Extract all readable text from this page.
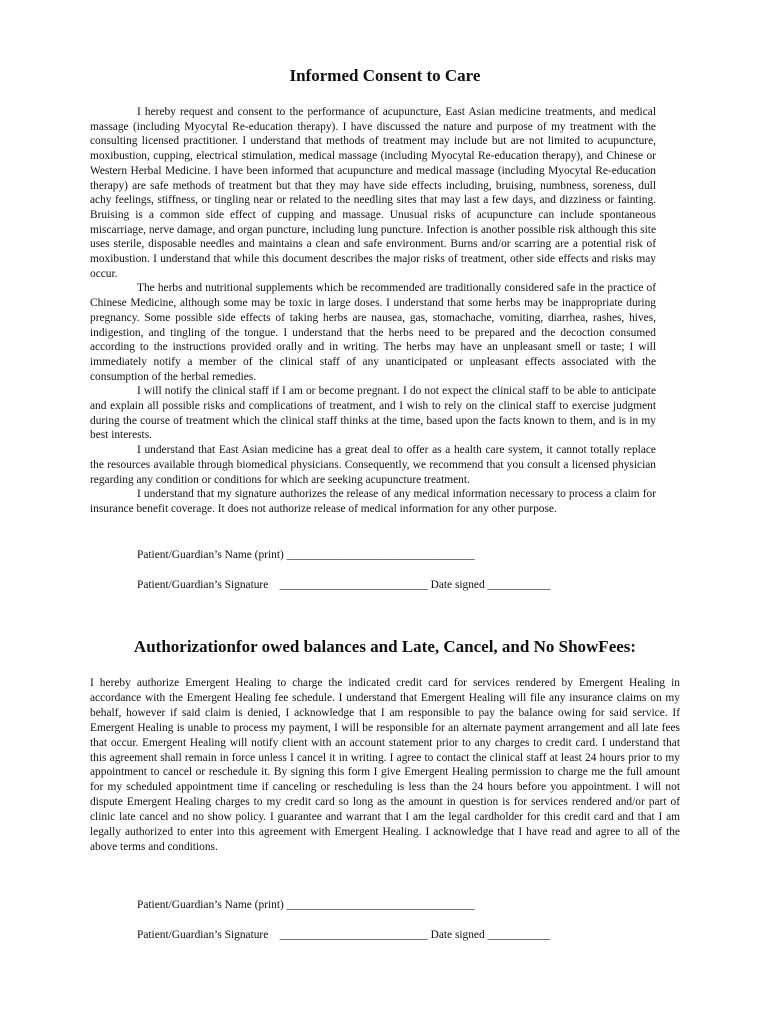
Informed Consent to Care

I hereby request and consent to the performance of acupuncture, East Asian medicine treatments, and medical massage (including Myocytal Re-education therapy). I have discussed the nature and purpose of my treatment with the consulting licensed practitioner. I understand that methods of treatment may include but are not limited to acupuncture, moxibustion, cupping, electrical stimulation, medical massage (including Myocytal Re-education therapy), and Chinese or Western Herbal Medicine. I have been informed that acupuncture and medical massage (including Myocytal Re-education therapy) are safe methods of treatment but that they may have side effects including, bruising, numbness, soreness, dull achy feelings, stiffness, or tingling near or related to the needling sites that may last a few days, and dizziness or fainting. Bruising is a common side effect of cupping and massage. Unusual risks of acupuncture can include spontaneous miscarriage, nerve damage, and organ puncture, including lung puncture. Infection is another possible risk although this site uses sterile, disposable needles and maintains a clean and safe environment. Burns and/or scarring are a potential risk of moxibustion. I understand that while this document describes the major risks of treatment, other side effects and risks may occur.

The herbs and nutritional supplements which be recommended are traditionally considered safe in the practice of Chinese Medicine, although some may be toxic in large doses. I understand that some herbs may be inappropriate during pregnancy. Some possible side effects of taking herbs are nausea, gas, stomachache, vomiting, diarrhea, rashes, hives, indigestion, and tingling of the tongue. I understand that the herbs need to be prepared and the decoction consumed according to the instructions provided orally and in writing. The herbs may have an unpleasant smell or taste; I will immediately notify a member of the clinical staff of any unanticipated or unpleasant effects associated with the consumption of the herbal remedies.

I will notify the clinical staff if I am or become pregnant. I do not expect the clinical staff to be able to anticipate and explain all possible risks and complications of treatment, and I wish to rely on the clinical staff to exercise judgment during the course of treatment which the clinical staff thinks at the time, based upon the facts known to them, and is in my best interests.

I understand that East Asian medicine has a great deal to offer as a health care system, it cannot totally replace the resources available through biomedical physicians. Consequently, we recommend that you consult a licensed physician regarding any condition or conditions for which are seeking acupuncture treatment.

I understand that my signature authorizes the release of any medical information necessary to process a claim for insurance benefit coverage. It does not authorize release of medical information for any other purpose.

Patient/Guardian’s Name (print) _________________________________
Patient/Guardian’s Signature    __________________________ Date signed ___________
Authorizationfor owed balances and Late, Cancel, and No ShowFees:

I hereby authorize Emergent Healing to charge the indicated credit card for services rendered by Emergent Healing in accordance with the Emergent Healing fee schedule. I understand that Emergent Healing will file any insurance claims on my behalf, however if said claim is denied, I acknowledge that I am responsible to pay the balance owing for said service. If Emergent Healing is unable to process my payment, I will be responsible for an alternate payment arrangement and all late fees that occur. Emergent Healing will notify client with an account statement prior to any charges to credit card. I understand that this agreement shall remain in force unless I cancel it in writing. I agree to contact the clinical staff at least 24 hours prior to my appointment to cancel or reschedule it. By signing this form I give Emergent Healing permission to charge me the full amount for my scheduled appointment time if canceling or rescheduling is less than the 24 hours before you appointment. I will not dispute Emergent Healing charges to my credit card so long as the amount in question is for services rendered and/or part of clinic late cancel and no show policy. I guarantee and warrant that I am the legal cardholder for this credit card and that I am legally authorized to enter into this agreement with Emergent Healing. I acknowledge that I have read and agree to all of the above terms and conditions.

Patient/Guardian’s Name (print) _________________________________
Patient/Guardian’s Signature    __________________________ Date signed ___________
